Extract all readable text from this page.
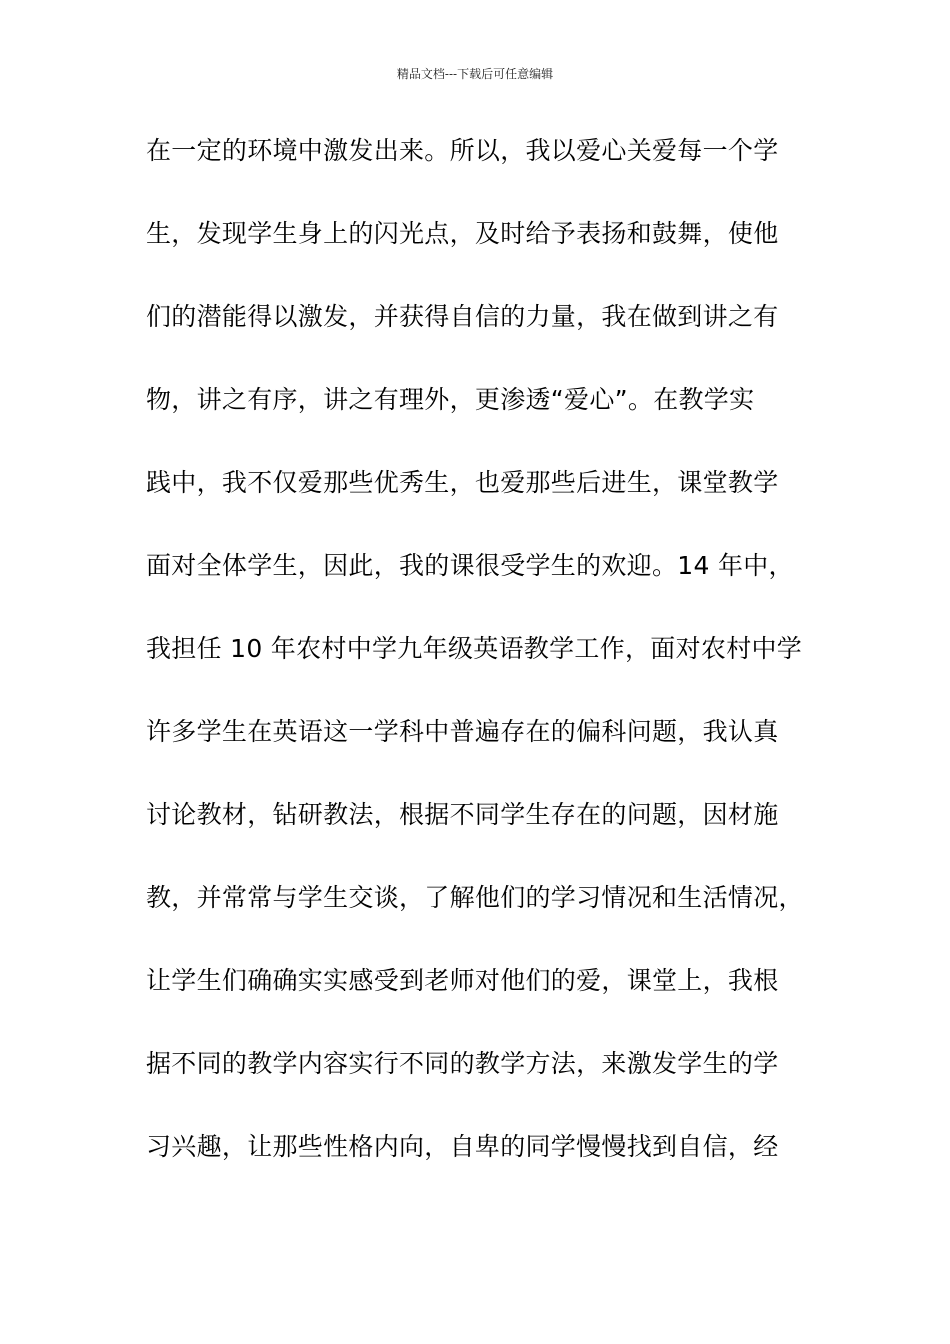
精品文档---下载后可任意编辑
在一定的环境中激发出来。所以，我以爱心关爱每一个学
生，发现学生身上的闪光点，及时给予表扬和鼓舞，使他
们的潜能得以激发，并获得自信的力量，我在做到讲之有
物，讲之有序，讲之有理外，更渗透“爱心”。在教学实
践中，我不仅爱那些优秀生，也爱那些后进生，课堂教学
面对全体学生，因此，我的课很受学生的欢迎。14 年中，
我担任 10 年农村中学九年级英语教学工作，面对农村中学
许多学生在英语这一学科中普遍存在的偏科问题，我认真
讨论教材，钻研教法，根据不同学生存在的问题，因材施
教，并常常与学生交谈，了解他们的学习情况和生活情况，
让学生们确确实实感受到老师对他们的爱，课堂上，我根
据不同的教学内容实行不同的教学方法，来激发学生的学
习兴趣，让那些性格内向，自卑的同学慢慢找到自信，经
